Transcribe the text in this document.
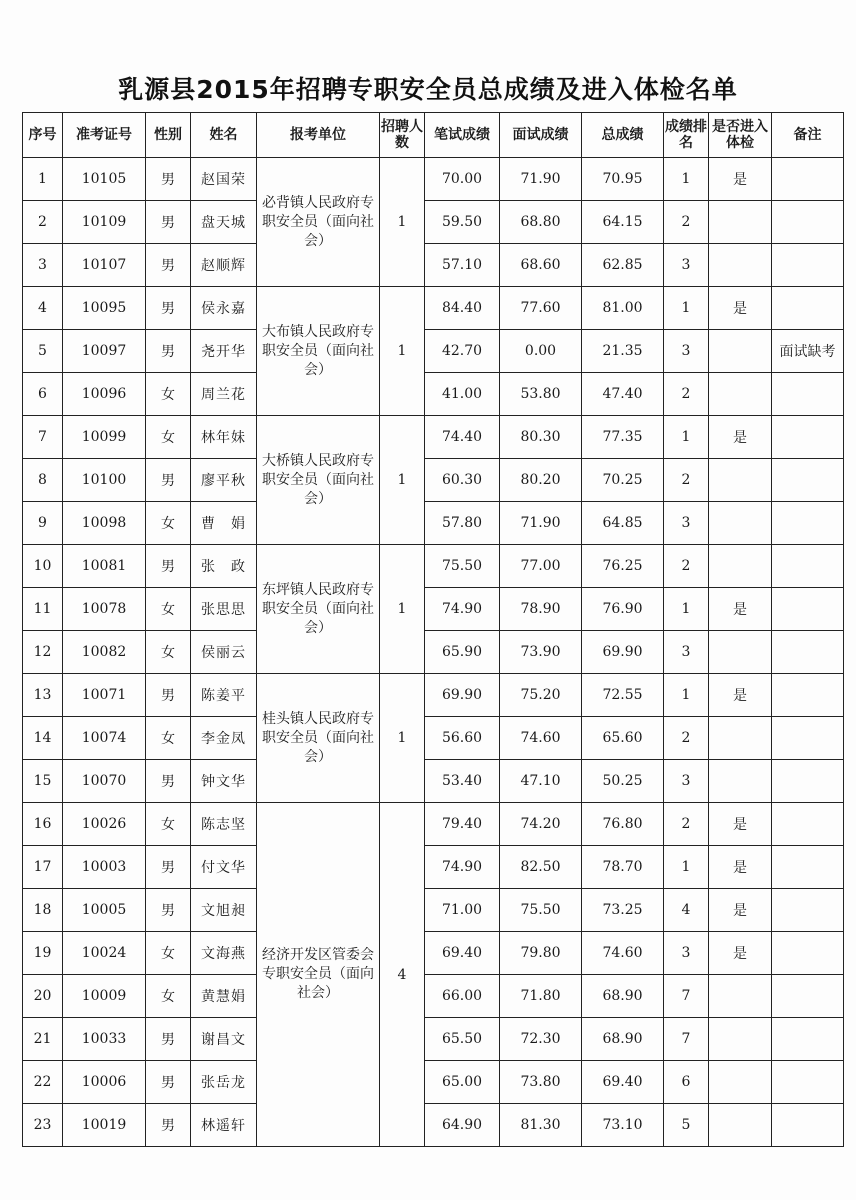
乳源县2015年招聘专职安全员总成绩及进入体检名单
序号	准考证号	性别	姓名	报考单位	招聘人数	笔试成绩	面试成绩	总成绩	成绩排名	是否进入体检	备注
1	10105	男	赵国荣	必背镇人民政府专职安全员（面向社会）	1	70.00	71.90	70.95	1	是	
2	10109	男	盘天城			59.50	68.80	64.15	2		
3	10107	男	赵顺辉			57.10	68.60	62.85	3		
4	10095	男	侯永嘉	大布镇人民政府专职安全员（面向社会）	1	84.40	77.60	81.00	1	是	
5	10097	男	尧开华			42.70	0.00	21.35	3		面试缺考
6	10096	女	周兰花			41.00	53.80	47.40	2		
7	10099	女	林年妹	大桥镇人民政府专职安全员（面向社会）	1	74.40	80.30	77.35	1	是	
8	10100	男	廖平秋			60.30	80.20	70.25	2		
9	10098	女	曹　娟			57.80	71.90	64.85	3		
10	10081	男	张　政	东坪镇人民政府专职安全员（面向社会）	1	75.50	77.00	76.25	2		
11	10078	女	张思思			74.90	78.90	76.90	1	是	
12	10082	女	侯丽云			65.90	73.90	69.90	3		
13	10071	男	陈姜平	桂头镇人民政府专职安全员（面向社会）	1	69.90	75.20	72.55	1	是	
14	10074	女	李金凤			56.60	74.60	65.60	2		
15	10070	男	钟文华			53.40	47.10	50.25	3		
16	10026	女	陈志坚	经济开发区管委会专职安全员（面向社会）	4	79.40	74.20	76.80	2	是	
17	10003	男	付文华			74.90	82.50	78.70	1	是	
18	10005	男	文旭昶			71.00	75.50	73.25	4	是	
19	10024	女	文海燕			69.40	79.80	74.60	3	是	
20	10009	女	黄慧娟			66.00	71.80	68.90	7		
21	10033	男	谢昌文			65.50	72.30	68.90	7		
22	10006	男	张岳龙			65.00	73.80	69.40	6		
23	10019	男	林遥轩			64.90	81.30	73.10	5		
